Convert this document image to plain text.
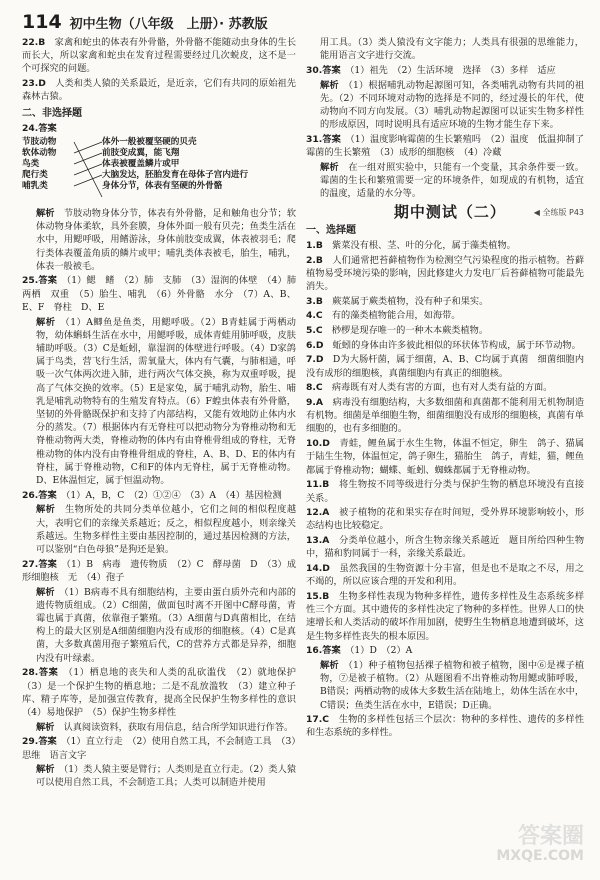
114 初中生物（八年级　上册）· 苏教版

22.B　 家禽和蛇虫的体表有外骨骼，外骨骼不能随动虫身体的生长而长大，所以家禽和蛇虫在发育过程需要经过几次蜕皮，这不是一个可探究的问题。

23.D　 人类和类人猿的关系最近，是近亲，它们有共同的原始祖先森林古猿。

二、非选择题

24.答案

节肢动物
软体动物
鸟类
爬行类
哺乳类
体外一般被覆坚硬的贝壳
前肢变成翼，能飞翔
体表被覆盖鳞片或甲
大脑发达，胚胎发育在母体子宫内进行
身体分节，体表有坚硬的外骨骼

解析　 节肢动物身体分节，体表有外骨骼，足和触角也分节；软体动物身体柔软，具外套膜，身体外面一般有贝壳；鱼类生活在水中，用鳃呼吸，用鳍游泳，身体前肢变成翼，体表被羽毛；爬行类体表覆盖角质的鳞片或甲；哺乳类体表被毛，胎生，哺乳，体表一般被毛。

25.答案　 （1）鳃　鳍　（2）肺　支肺　（3）湿润的体壁　（4）肺　两栖　双重　（5）胎生、哺乳　（6）外骨骼　水分　（7）A、B、E、F　脊柱　D、E

解析　 （1）A鲫鱼是鱼类，用鳃呼吸。（2）B青蛙属于两栖动物，幼体蝌蚪生活在水中，用鳃呼吸，成体青蛙用肺呼吸，皮肤辅助呼吸。（3）C是蚯蚓，靠湿润的体壁进行呼吸。（4）D家鸽属于鸟类，营飞行生活，需氧量大，体内有气囊，与肺相通，呼吸一次气体两次进入肺，进行两次气体交换，称为双重呼吸，提高了气体交换的效率。（5）E是家兔，属于哺乳动物，胎生、哺乳是哺乳动物特有的生殖发育特点。（6）F蝗虫体表有外骨骼，坚韧的外骨骼既保护和支持了内部结构，又能有效地防止体内水分的蒸发。（7）根据体内有无脊柱可以把动物分为脊椎动物和无脊椎动物两大类，脊椎动物的体内有由脊椎骨组成的脊柱，无脊椎动物的体内没有由脊椎骨组成的脊柱，A、B、D、E的体内有脊柱，属于脊椎动物，C和F的体内无脊柱，属于无脊椎动物。D、E体温恒定，属于恒温动物。

26.答案　 （1）A，B，C　（2）①②④　（3）A　（4）基因检测

解析　 生物所处的共同分类单位越小，它们之间的相似程度越大，表明它们的亲缘关系越近；反之，相似程度越小，则亲缘关系越远。生物多样性主要由基因控制的，通过基因检测的方法，可以鉴别“白色母狼”是狗还是狼。

27.答案　 （1）B　病毒　遗传物质　（2）C　酵母菌　D　（3）成形细胞核　无　（4）孢子

解析　 （1）B病毒不具有细胞结构，主要由蛋白质外壳和内部的遗传物质组成。（2）C细菌，做面包时离不开图中C酵母菌，青霉也属于真菌，依靠孢子繁殖。（3）A细菌与D真菌相比，在结构上的最大区别是A细菌细胞内没有成形的细胞核。（4）C是真菌，大多数真菌用孢子繁殖后代，C的营养方式都是异养，细胞内没有叶绿素。

28.答案　 （1）栖息地的丧失和人类的乱砍滥伐　（2）就地保护　（3）是一个保护生物的栖息地；二是不乱放滥牧　（3）建立种子库、精子库等，是加强宣传教育，提高全民保护生物多样性的意识　（4）易地保护　（5）保护生物多样性

解析　 认真阅读资料，获取有用信息，结合所学知识进行作答。

29.答案　 （1）直立行走　（2）使用自然工具，不会制造工具　（3）思维　语言文字

解析　 （1）类人猿主要是臂行；人类则是直立行走。（2）类人猿可以使用自然工具，不会制造工具；人类可以制造并使用

用工具。（3）类人猿没有文字能力；人类具有很强的思维能力，能用语言文字进行交流。

30.答案　 （1）祖先　（2）生活环境　选择　（3）多样　适应

解析　 （1）根据哺乳动物起源图可知，各类哺乳动物有共同的祖先。（2）不同环境对动物的选择是不同的，经过漫长的年代，使动物向不同方向发展。（3）哺乳动物起源图可以证实生物多样性的形成原因，同时说明具有适应环境的生物才能生存下来。

31.答案　 （1）温度影响霉菌的生长繁殖吗　（2）温度　低温抑制了霉菌的生长繁殖　（3）成形的细胞核　（4）冷藏

解析　 在一组对照实验中，只能有一个变量，其余条件要一致。霉菌的生长和繁殖需要一定的环境条件，如现成的有机物，适宜的温度，适量的水分等。

期中测试（二）	◀ 全练版 P43
一、选择题

1.B　 紫菜没有根、茎、叶的分化，属于藻类植物。

2.B　 人们通常把苔藓植物作为检测空气污染程度的指示植物。苔藓植物易受环境污染的影响，因此修建火力发电厂后苔藓植物可能最先消失。

3.B　 蕨菜属于蕨类植物，没有种子和果实。

4.C　 有的藻类植物能合用，如海带。

5.C　 桫椤是现存唯一的一种木本蕨类植物。

6.D　 蚯蚓的身体由许多彼此相似的环状体节构成，属于环节动物。

7.D　 D为大肠杆菌，属于细菌，A、B、C均属于真菌　细菌细胞内没有成形的细胞核，真菌细胞内有真正的细胞核。

8.C　 病毒既有对人类有害的方面，也有对人类有益的方面。

9.A　 病毒没有细胞结构，大多数细菌和真菌都不能利用无机物制造有机物。细菌是单细胞生物，细菌细胞没有成形的细胞核，真菌有单细胞的，也有多细胞的。

10.D　 青蛙，鲤鱼属于水生生物，体温不恒定，卵生　鸽子、猫属于陆生生物，体温恒定，鸽子卵生，猫胎生　鸽子，青蛙，猫，鲤鱼都属于脊椎动物；蝴蝶、蚯蚓、蜘蛛都属于无脊椎动物。

11.B　 将生物按不同等级进行分类与保护生物的栖息环境没有直接关系。

12.A　 被子植物的花和果实存在时间短，受外界环境影响较小，形态结构也比较稳定。

13.A　 分类单位越小，所含生物亲缘关系越近　题目所给四种生物中，猫和豹同属于一科，亲缘关系最近。

14.D　 虽然我国的生物资源十分丰富，但是也不是取之不尽，用之不竭的，所以应该合理的开发和利用。

15.B　 生物多样性表现为物种多样性，遗传多样性及生态系统多样性三个方面。其中遗传的多样性决定了物种的多样性。世界人口的快速增长和人类活动的破坏作用加剧，使野生生物栖息地遭到破坏，这是生物多样性丧失的根本原因。

16.答案　 （1）D　（2）A

解析　 （1）种子植物包括裸子植物和被子植物，图中⑥是裸子植物，⑦是被子植物。（2）从题图看不出脊椎动物用鳃或肺呼吸，B错误；两栖动物的成体大多数生活在陆地上，幼体生活在水中，C错误；鱼类生活在水中，E错误；D正确。

17.C　 生物的多样性包括三个层次：物种的多样性、遗传的多样性和生态系统的多样性。

答案圈
MXQE.COM
